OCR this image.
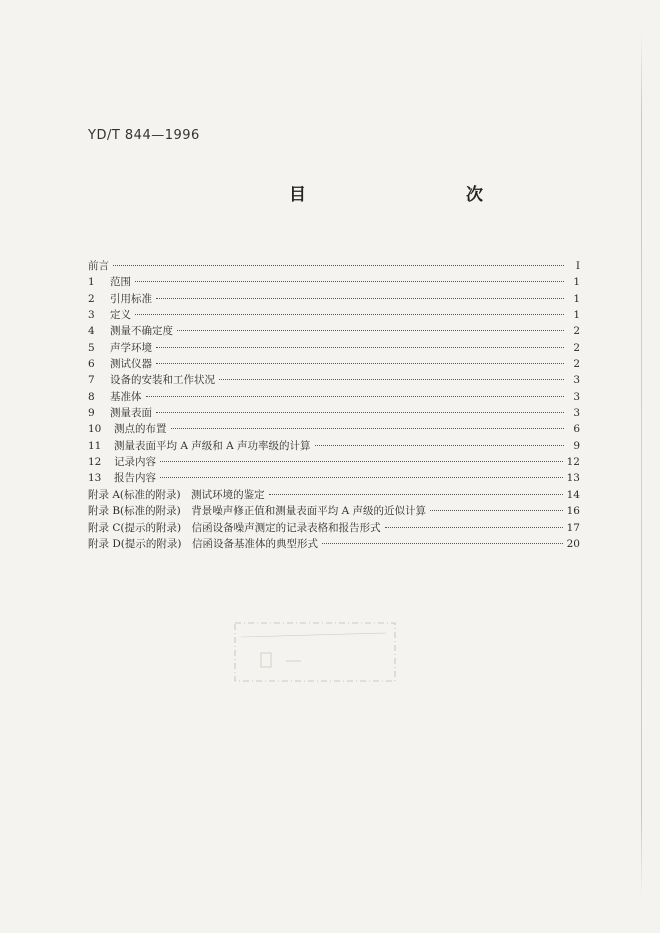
YD/T 844—1996
目　　次
前言	Ⅰ
1	范围	1
2	引用标准	1
3	定义	1
4	测量不确定度	2
5	声学环境	2
6	测试仪器	2
7	设备的安装和工作状况	3
8	基准体	3
9	测量表面	3
10	测点的布置	6
11	测量表面平均 A 声级和 A 声功率级的计算	9
12	记录内容	12
13	报告内容	13
附录 A(标准的附录)　测试环境的鉴定	14
附录 B(标准的附录)　背景噪声修正值和测量表面平均 A 声级的近似计算	16
附录 C(提示的附录)　信函设备噪声测定的记录表格和报告形式	17
附录 D(提示的附录)　信函设备基准体的典型形式	20
